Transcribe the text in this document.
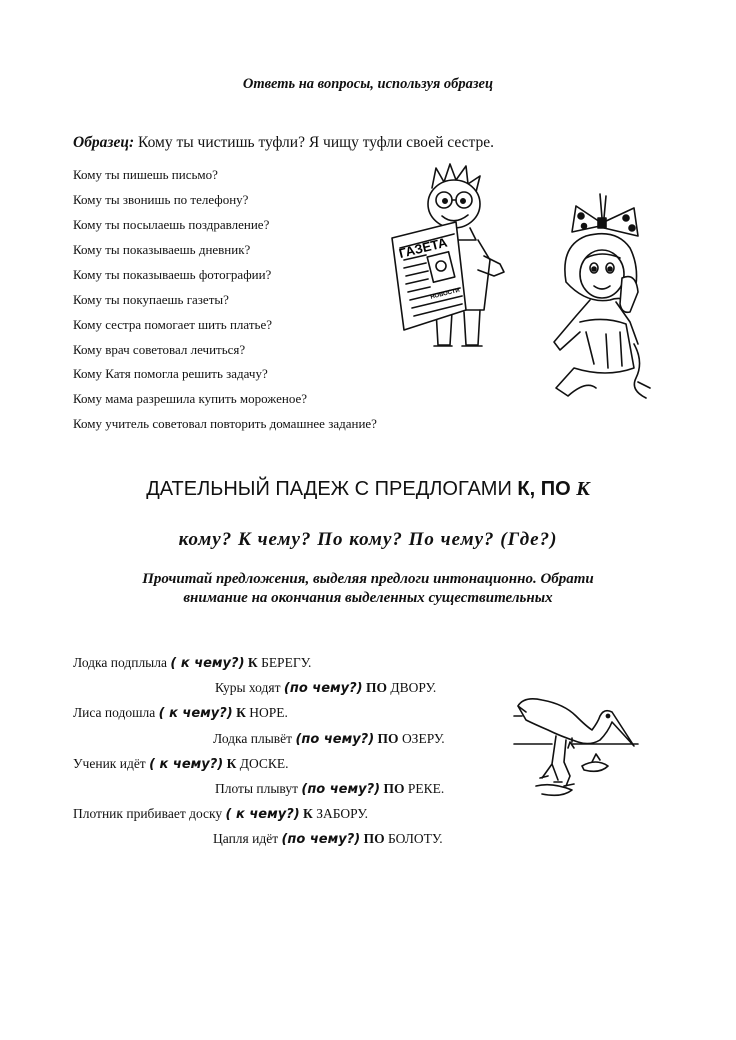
Ответь на вопросы, используя образец
Образец: Кому ты чистишь туфли? Я чищу туфли своей сестре.
Кому ты пишешь письмо?
Кому ты звонишь по телефону?
Кому ты посылаешь поздравление?
Кому ты показываешь дневник?
Кому ты показываешь фотографии?
Кому ты покупаешь газеты?
Кому сестра помогает шить платье?
Кому врач советовал лечиться?
Кому Катя помогла решить задачу?
Кому мама разрешила купить мороженое?
Кому учитель советовал повторить домашнее задание?
ГАЗЕТА
НОВОСТИ
ДАТЕЛЬНЫЙ ПАДЕЖ С ПРЕДЛОГАМИ К, ПО К
кому? К чему? По кому? По чему? (Где?)
Прочитай предложения, выделяя предлоги интонационно. Обрати
внимание на окончания выделенных существительных
Лодка подплыла ( к чему?) К БЕРЕГУ.
Куры ходят (по чему?) ПО ДВОРУ.
Лиса подошла ( к чему?) К НОРЕ.
Лодка плывёт (по чему?) ПО ОЗЕРУ.
Ученик идёт ( к чему?) К ДОСКЕ.
Плоты плывут (по чему?) ПО РЕКЕ.
Плотник прибивает доску ( к чему?) К ЗАБОРУ.
Цапля идёт (по чему?) ПО БОЛОТУ.
